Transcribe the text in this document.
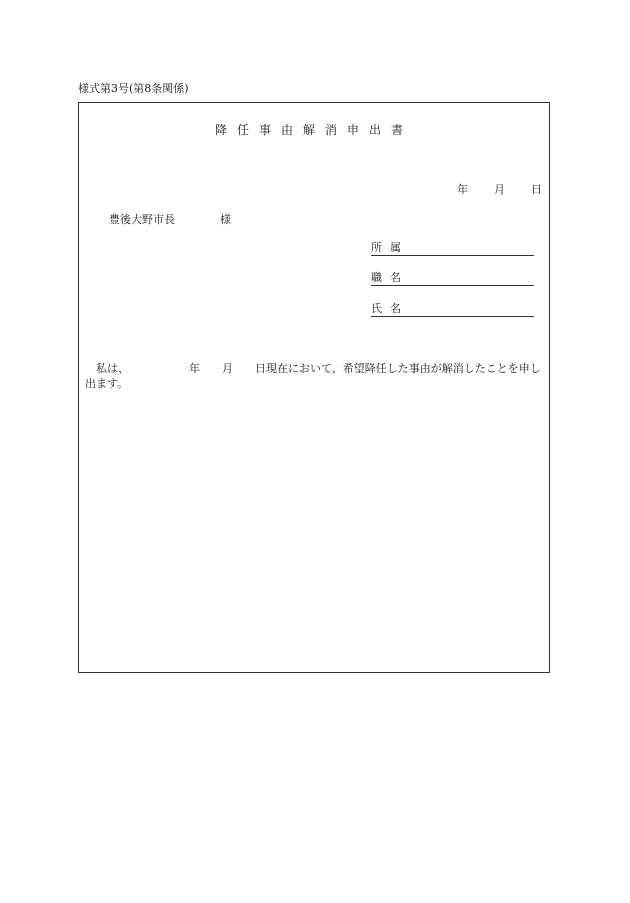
様式第3号(第8条関係)
降任事由解消申出書
年 月 日
豊後大野市長	様
所属
職名
氏名
私は、	年 月 日現在において、希望降任した事由が解消したことを申し出ます。
